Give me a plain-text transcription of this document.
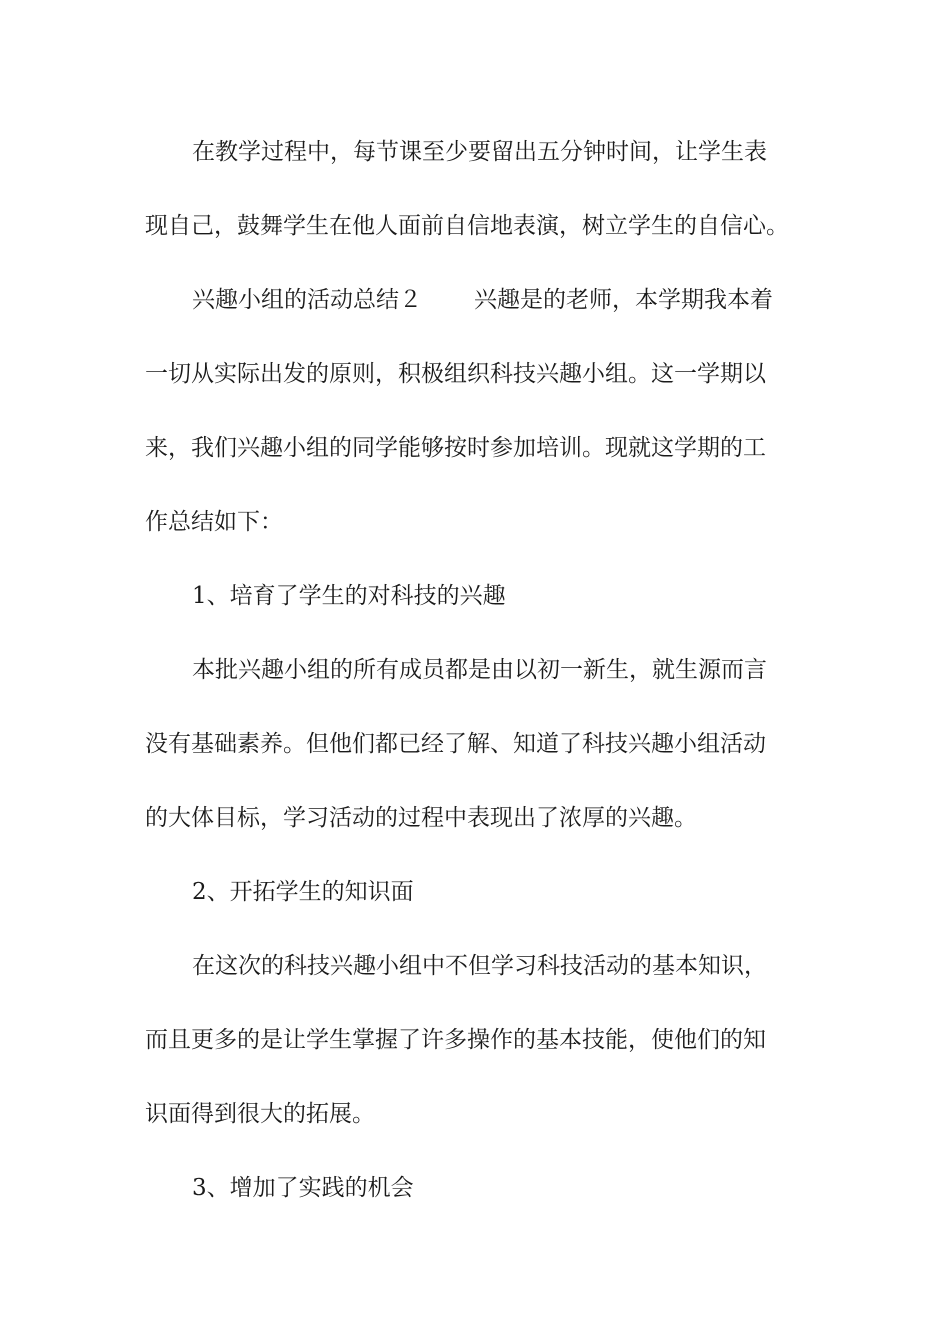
在教学过程中，每节课至少要留出五分钟时间，让学生表
现自己，鼓舞学生在他人面前自信地表演，树立学生的自信心。
兴趣小组的活动总结２ 兴趣是的老师，本学期我本着
一切从实际出发的原则，积极组织科技兴趣小组。这一学期以
来，我们兴趣小组的同学能够按时参加培训。现就这学期的工
作总结如下：
1、培育了学生的对科技的兴趣
本批兴趣小组的所有成员都是由以初一新生，就生源而言
没有基础素养。但他们都已经了解、知道了科技兴趣小组活动
的大体目标，学习活动的过程中表现出了浓厚的兴趣。
2、开拓学生的知识面
在这次的科技兴趣小组中不但学习科技活动的基本知识，
而且更多的是让学生掌握了许多操作的基本技能，使他们的知
识面得到很大的拓展。
3、增加了实践的机会
